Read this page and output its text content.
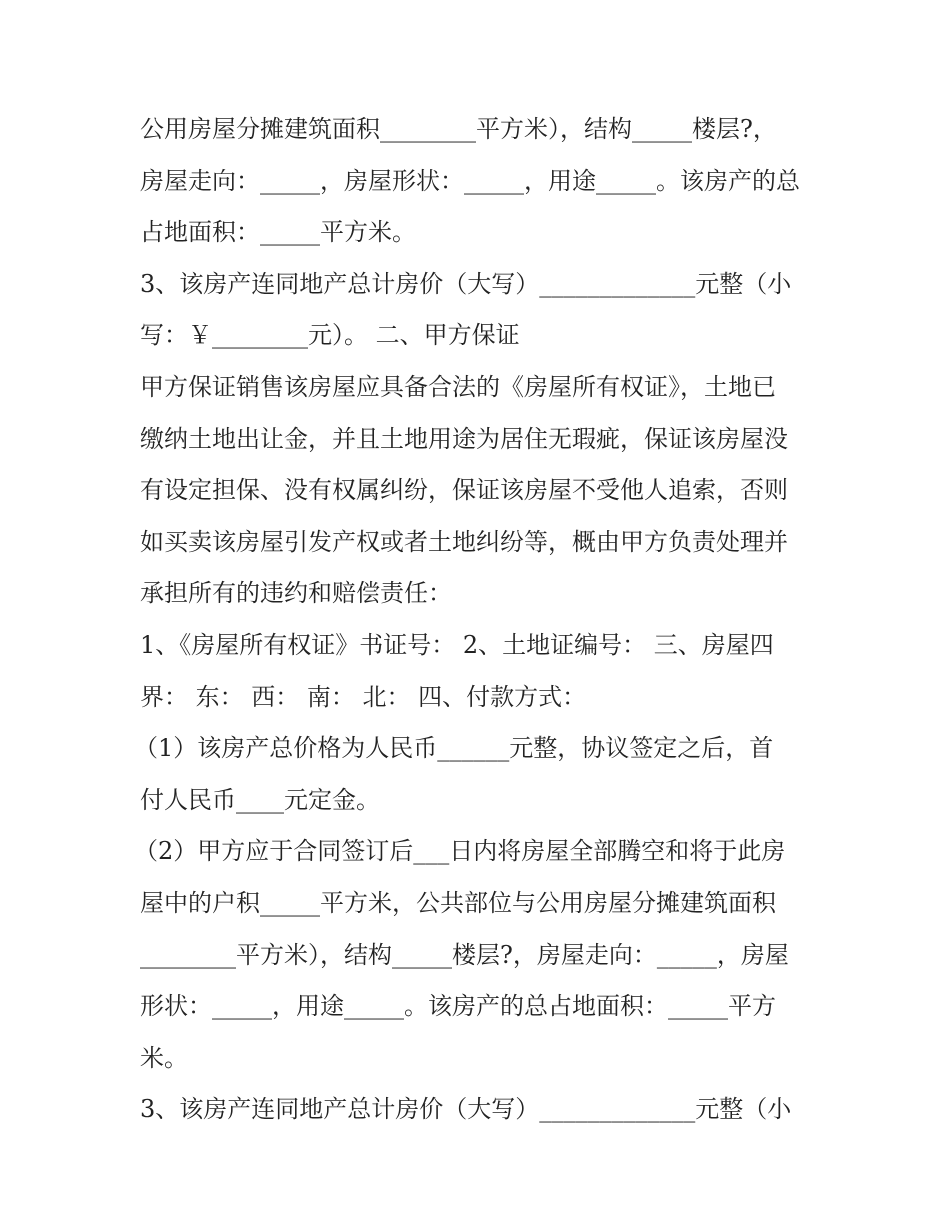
公用房屋分摊建筑面积________平方米），结构_____楼层?，
房屋走向：_____，房屋形状：_____，用途_____。该房产的总
占地面积：_____平方米。
3、该房产连同地产总计房价（大写）_____________元整（小
写：￥________元）。 二、甲方保证
甲方保证销售该房屋应具备合法的《房屋所有权证》，土地已
缴纳土地出让金，并且土地用途为居住无瑕疵，保证该房屋没
有设定担保、没有权属纠纷，保证该房屋不受他人追索，否则
如买卖该房屋引发产权或者土地纠纷等，概由甲方负责处理并
承担所有的违约和赔偿责任：
1、《房屋所有权证》书证号： 2、土地证编号： 三、房屋四
界： 东： 西： 南： 北： 四、付款方式：
（1）该房产总价格为人民币______元整，协议签定之后，首
付人民币____元定金。
（2）甲方应于合同签订后___日内将房屋全部腾空和将于此房
屋中的户积_____平方米，公共部位与公用房屋分摊建筑面积
________平方米），结构_____楼层?，房屋走向：_____，房屋
形状：_____，用途_____。该房产的总占地面积：_____平方
米。
3、该房产连同地产总计房价（大写）_____________元整（小
